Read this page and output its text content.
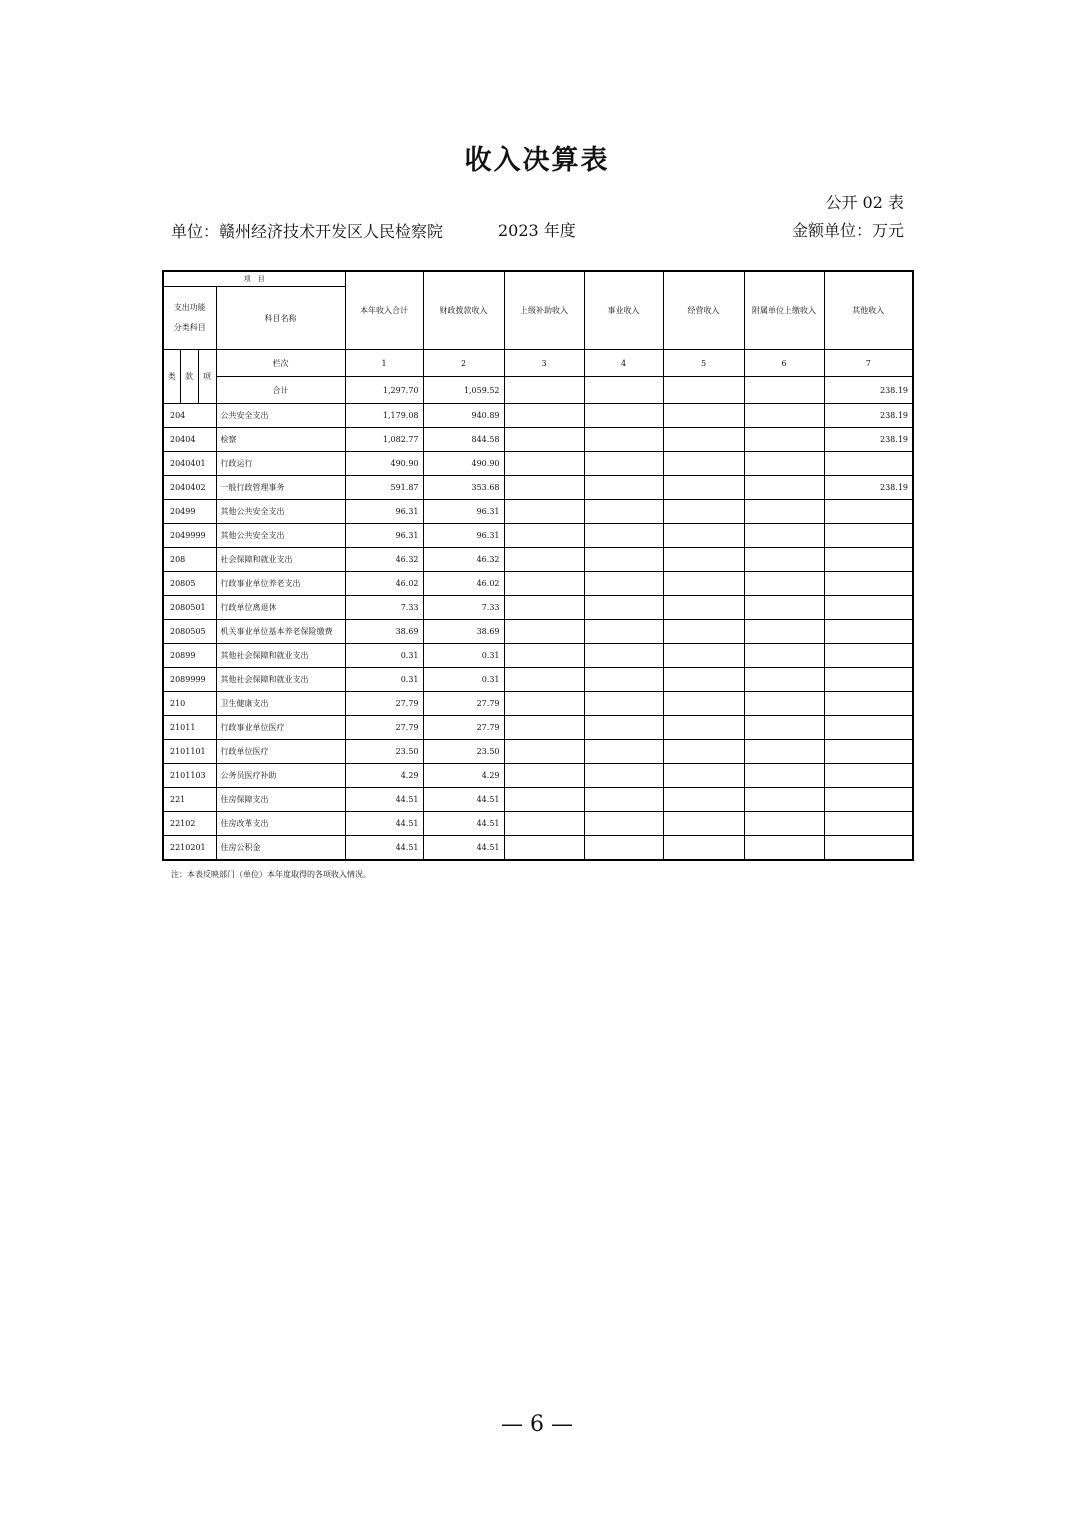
收入决算表
公开 02 表
单位：赣州经济技术开发区人民检察院	2023 年度	金额单位：万元
项　目				本年收入合计	财政拨款收入	上级补助收入	事业收入	经营收入	附属单位上缴收入	其他收入
支出功能
分类科目			科目名称							
类	款	项	栏次	1	2	3	4	5	6	7
			合计	1,297.70	1,059.52					238.19
204			公共安全支出	1,179.08	940.89					238.19
20404			检察	1,082.77	844.58					238.19
2040401			行政运行	490.90	490.90					
2040402			一般行政管理事务	591.87	353.68					238.19
20499			其他公共安全支出	96.31	96.31					
2049999			其他公共安全支出	96.31	96.31					
208			社会保障和就业支出	46.32	46.32					
20805			行政事业单位养老支出	46.02	46.02					
2080501			行政单位离退休	7.33	7.33					
2080505			机关事业单位基本养老保险缴费	38.69	38.69					
20899			其他社会保障和就业支出	0.31	0.31					
2089999			其他社会保障和就业支出	0.31	0.31					
210			卫生健康支出	27.79	27.79					
21011			行政事业单位医疗	27.79	27.79					
2101101			行政单位医疗	23.50	23.50					
2101103			公务员医疗补助	4.29	4.29					
221			住房保障支出	44.51	44.51					
22102			住房改革支出	44.51	44.51					
2210201			住房公积金	44.51	44.51					
注：本表反映部门（单位）本年度取得的各项收入情况。
— 6 —
